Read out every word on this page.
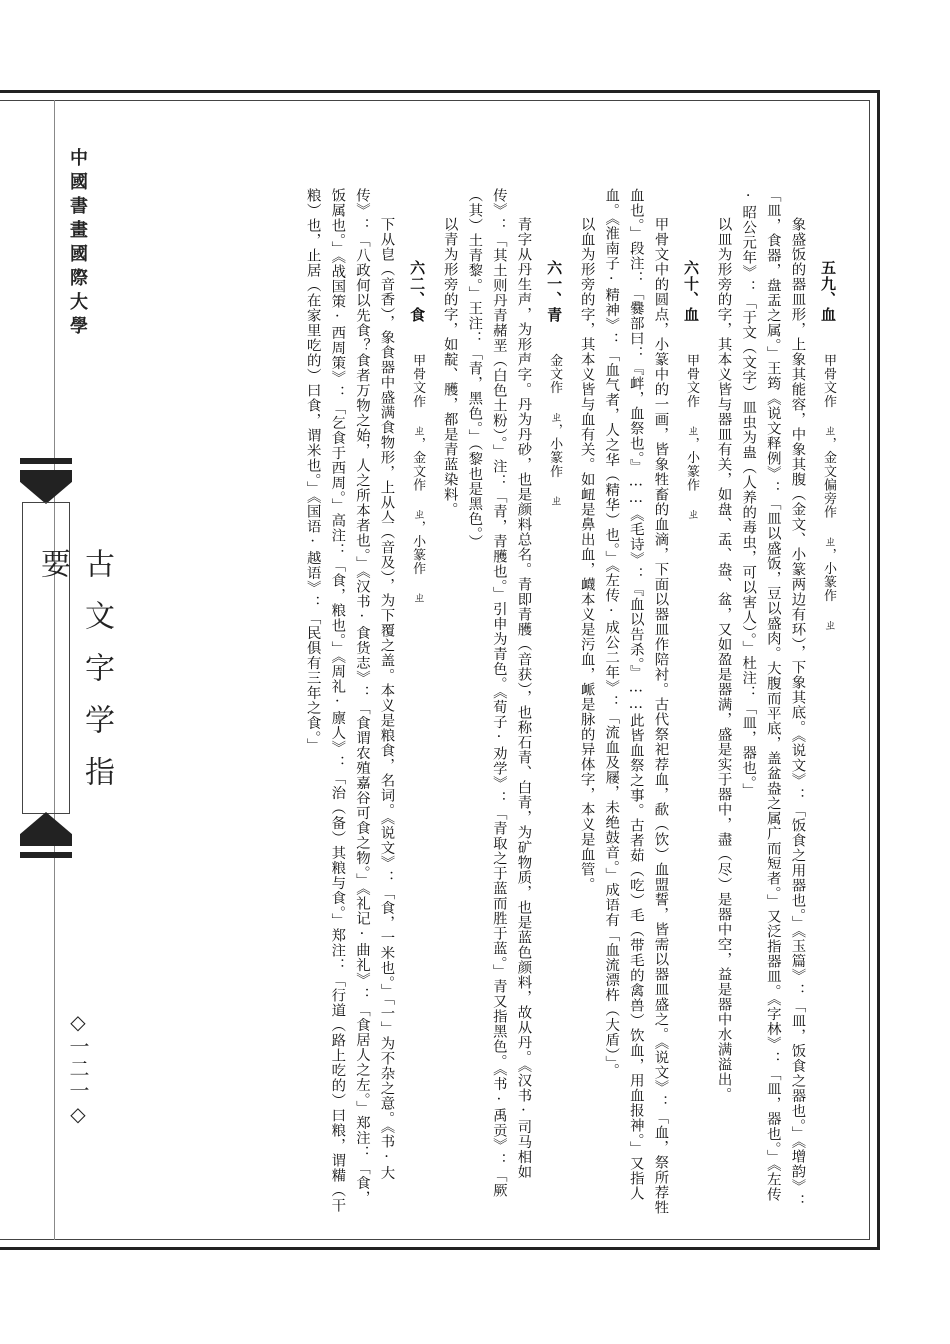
中國書畫國際大學
古文字学指要
◇一二一◇

五九、血　　甲骨文作 ㄓ，金文偏旁作 ㄓ，小篆作 ㄓ

象盛饭的器皿形，上象其能容，中象其腹（金文、小篆两边有环），下象其底。《说文》：「饭食之用器也。」《玉篇》：「皿，饭食之器也。」《增韵》：「皿，食器，盘盂之属。」王筠《说文释例》：「皿以盛饭，豆以盛肉。大腹而平底，盖盆盎之属广而短者。」又泛指器皿。《字林》：「皿，器也。」《左传·昭公元年》：「于文（文字）皿虫为蛊（人养的毒虫，可以害人）。」杜注：「皿，器也。」

以皿为形旁的字，其本义皆与器皿有关，如盘、盂、盎、盆，又如盈是器满，盛是实于器中，盡（尽）是器中空，益是器中水满溢出。

六十、血　　甲骨文作 ㄓ，小篆作 ㄓ

甲骨文中的圆点，小篆中的一画，皆象牲畜的血滴，下面以器皿作陪衬。古代祭祀荐血，歃（饮）血盟誓，皆需以器皿盛之。《说文》：「血，祭所荐牲血也。」段注：「爨部曰：『衅，血祭也。』……《毛诗》：『血以告杀。』……此皆血祭之事。古者茹（吃）毛（带毛的禽兽）饮血，用血报神。」又指人血。《淮南子·精神》：「血气者，人之华（精华）也。」《左传·成公二年》：「流血及屦，未绝鼓音。」成语有「血流漂杵（大盾）」。

以血为形旁的字，其本义皆与血有关。如衄是鼻出血，衊本义是污血，衇是脉的异体字，本义是血管。

六一、青　　金文作 ㄓ，小篆作 ㄓ

青字从丹生声，为形声字。丹为丹砂，也是颜料总名。青即青雘（音获），也称石青、白青，为矿物质，也是蓝色颜料，故从丹。《汉书·司马相如传》：「其土则丹青赭垩（白色土粉）。」注：「青，青雘也。」引申为青色。《荀子·劝学》：「青取之于蓝而胜于蓝。」青又指黑色。《书·禹贡》：「厥（其）土青黎。」王注：「青，黑色。」（黎也是黑色。）

以青为形旁的字，如靛、雘，都是青蓝染料。

六二、食　　甲骨文作 ㄓ，金文作 ㄓ，小篆作 ㄓ

下从皀（音香），象食器中盛满食物形，上从亼（音及），为下覆之盖。本义是粮食，名词。《说文》：「食，一米也。」「一」为不杂之意。《书·大传》：「八政何以先食？食者万物之始，人之所本者也。」《汉书·食货志》：「食谓农殖嘉谷可食之物。」《礼记·曲礼》：「食居人之左。」郑注：「食，饭属也。」《战国策·西周策》：「乞食于西周。」高注：「食，粮也。」《周礼·廪人》：「治（备）其粮与食。」郑注：「行道（路上吃的）曰粮，谓糒（干粮）也，止居（在家里吃的）曰食，谓米也。」《国语·越语》：「民俱有三年之食。」
